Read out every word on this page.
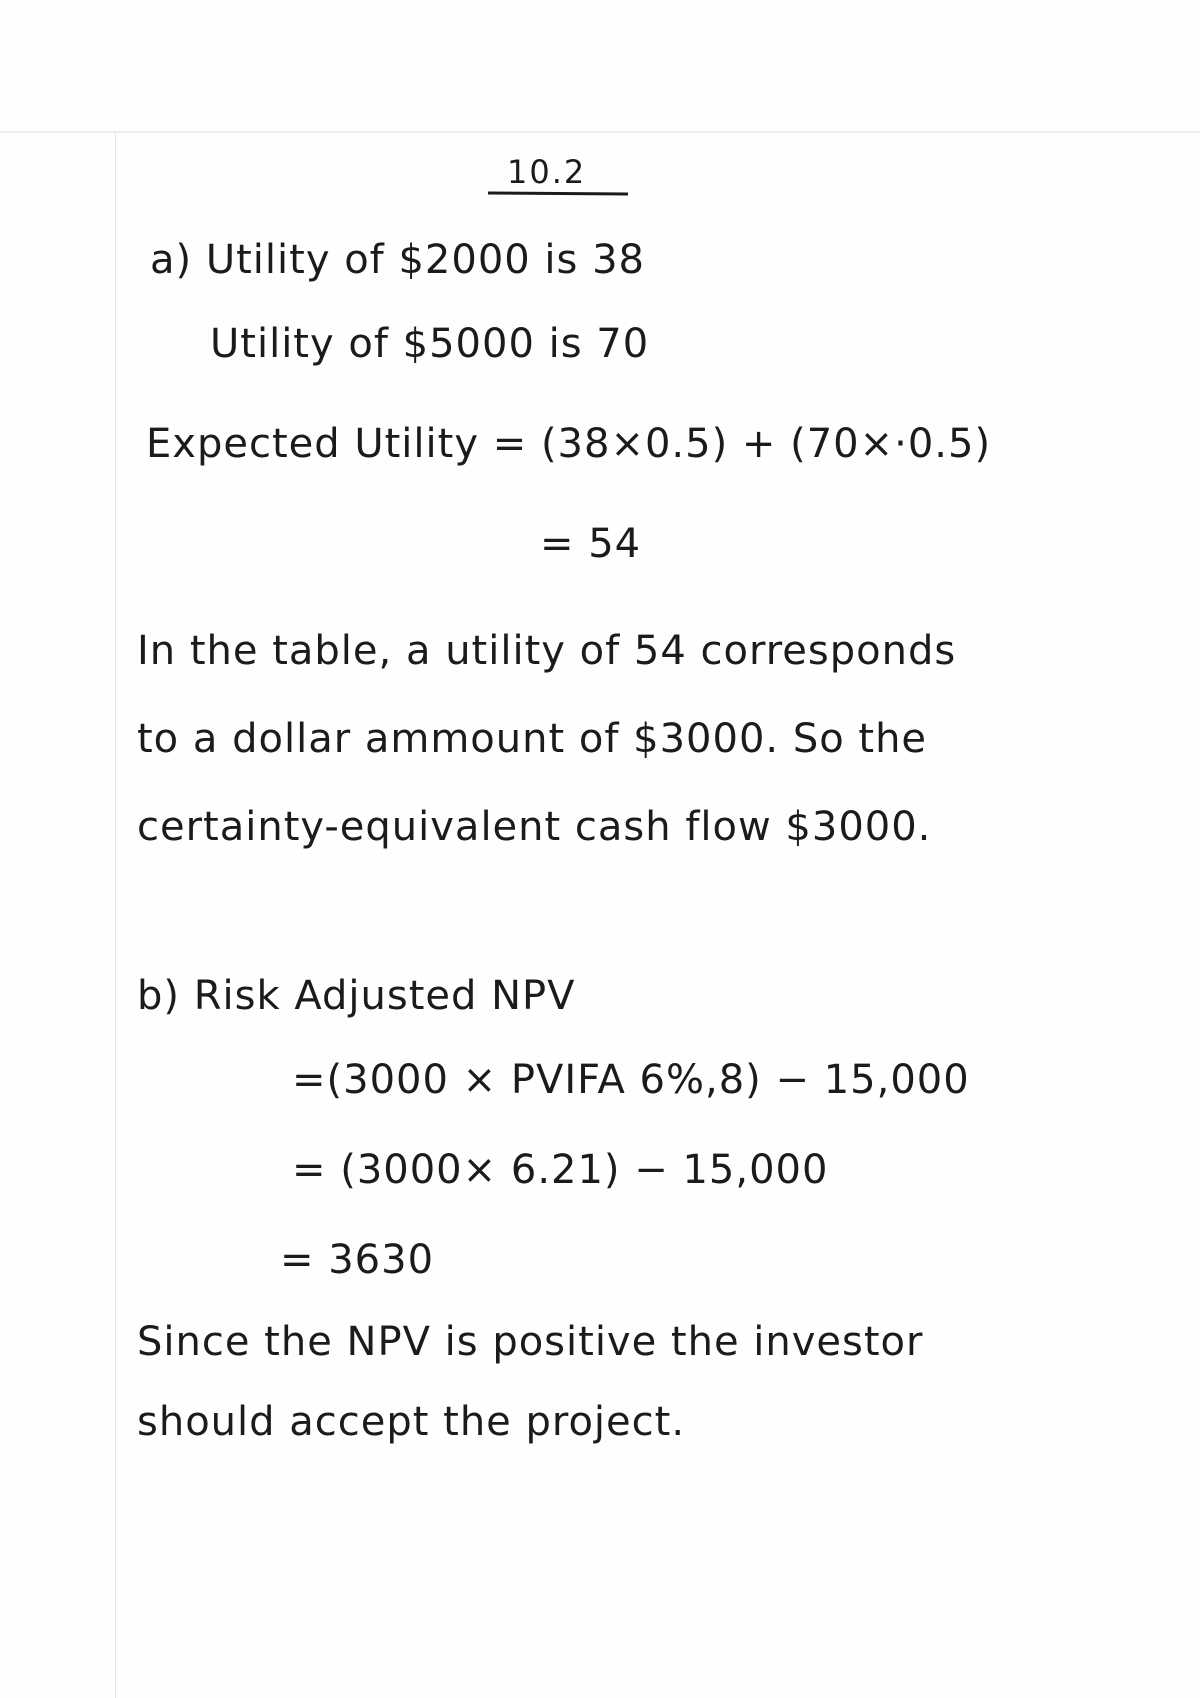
10.2
a) Utility of $2000 is 38
Utility of $5000 is 70
Expected Utility = (38×0.5) + (70×·0.5)
= 54
In the table, a utility of 54 corresponds
to a dollar ammount of $3000. So the
certainty-equivalent cash flow $3000.
b) Risk Adjusted NPV
=(3000 × PVIFA 6%,8) − 15,000
= (3000× 6.21) − 15,000
= 3630
Since the NPV is positive the investor
should accept the project.
